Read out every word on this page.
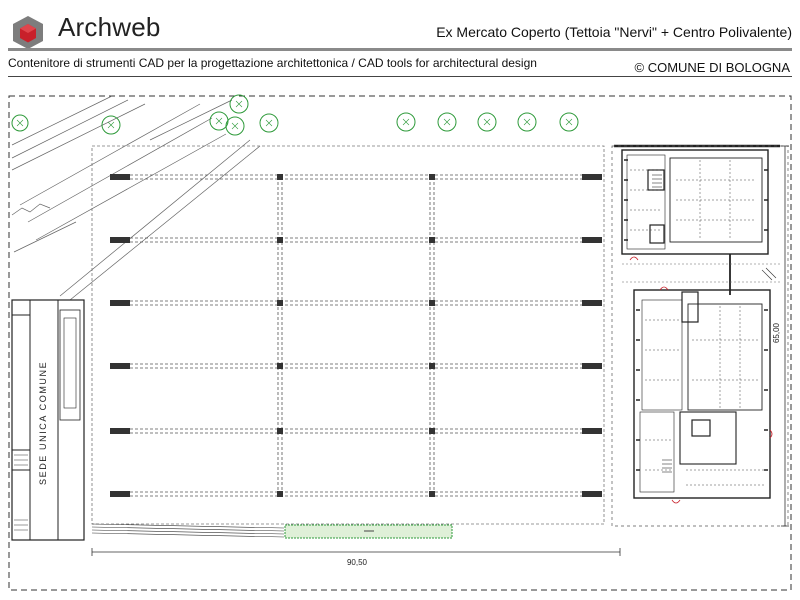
Archweb	Ex Mercato Coperto (Tettoia "Nervi" + Centro Polivalente)
Contenitore di strumenti CAD per la progettazione architettonica / CAD tools for architectural design	© COMUNE DI BOLOGNA
SEDE UNICA COMUNE
90,50
65,00
